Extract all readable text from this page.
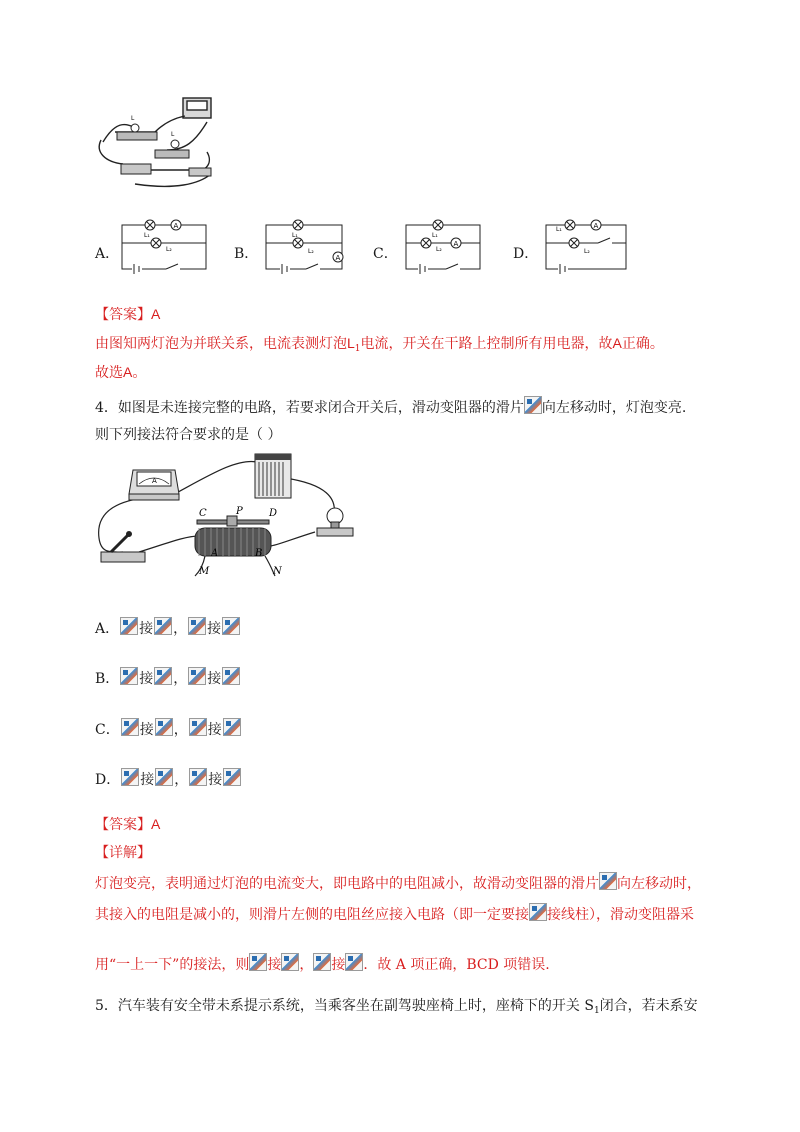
L
L
A．	B．	C．	D．
A
L₁
L₂
L₁
L₂
A
L₁
L₂
A
L₁	A
L₂
【答案】A
由图知两灯泡为并联关系，电流表测灯泡$L_1$电流，开关在干路上控制所有用电器，故A正确。
故选A。
4．如图是未连接完整的电路，若要求闭合开关后，滑动变阻器的滑片 向左移动时，灯泡变亮.
则下列接法符合要求的是（ ）
A
C	P	D
A	B
M	N
A． 接 ， 接
B． 接 ， 接
C． 接 ， 接
D． 接 ， 接
【答案】A
【详解】
灯泡变亮，表明通过灯泡的电流变大，即电路中的电阻减小，故滑动变阻器的滑片 向左移动时，
其接入的电阻是减小的，则滑片左侧的电阻丝应接入电路（即一定要接 接线柱），滑动变阻器采
用“一上一下”的接法，则 接 ， 接 ．故 A 项正确，BCD 项错误.
5．汽车装有安全带未系提示系统，当乘客坐在副驾驶座椅上时，座椅下的开关 $S_1$闭合，若未系安
